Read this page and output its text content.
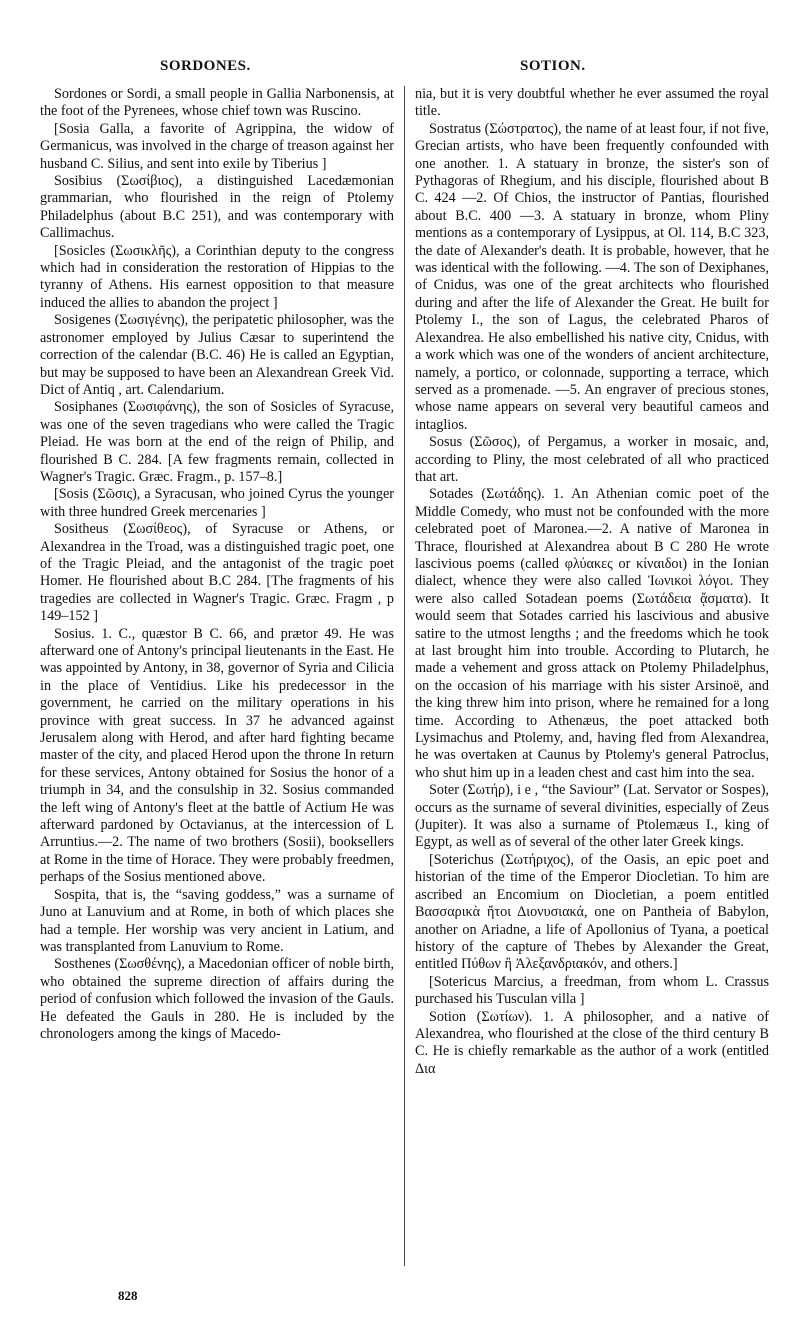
SORDONES.	SOTION.

Sordones or Sordi, a small people in Gallia Narbonensis, at the foot of the Pyrenees, whose chief town was Ruscino.

[Sosia Galla, a favorite of Agrippina, the widow of Germanicus, was involved in the charge of treason against her husband C. Silius, and sent into exile by Tiberius ]

Sosibius (Σωσίβιος), a distinguished Lacedæmonian grammarian, who flourished in the reign of Ptolemy Philadelphus (about B.C 251), and was contemporary with Callimachus.

[Sosicles (Σωσικλῆς), a Corinthian deputy to the congress which had in consideration the restoration of Hippias to the tyranny of Athens. His earnest opposition to that measure induced the allies to abandon the project ]

Sosigenes (Σωσιγένης), the peripatetic philosopher, was the astronomer employed by Julius Cæsar to superintend the correction of the calendar (B.C. 46) He is called an Egyptian, but may be supposed to have been an Alexandrean Greek Vid. Dict of Antiq , art. Calendarium.

Sosiphanes (Σωσιφάνης), the son of Sosicles of Syracuse, was one of the seven tragedians who were called the Tragic Pleiad. He was born at the end of the reign of Philip, and flourished B C. 284. [A few fragments remain, collected in Wagner's Tragic. Græc. Fragm., p. 157–8.]

[Sosis (Σῶσις), a Syracusan, who joined Cyrus the younger with three hundred Greek mercenaries ]

Sositheus (Σωσίθεος), of Syracuse or Athens, or Alexandrea in the Troad, was a distinguished tragic poet, one of the Tragic Pleiad, and the antagonist of the tragic poet Homer. He flourished about B.C 284. [The fragments of his tragedies are collected in Wagner's Tragic. Græc. Fragm , p 149–152 ]

Sosius. 1. C., quæstor B C. 66, and prætor 49. He was afterward one of Antony's principal lieutenants in the East. He was appointed by Antony, in 38, governor of Syria and Cilicia in the place of Ventidius. Like his predecessor in the government, he carried on the military operations in his province with great success. In 37 he advanced against Jerusalem along with Herod, and after hard fighting became master of the city, and placed Herod upon the throne In return for these services, Antony obtained for Sosius the honor of a triumph in 34, and the consulship in 32. Sosius commanded the left wing of Antony's fleet at the battle of Actium He was afterward pardoned by Octavianus, at the intercession of L Arruntius.—2. The name of two brothers (Sosii), booksellers at Rome in the time of Horace. They were probably freedmen, perhaps of the Sosius mentioned above.

Sospita, that is, the “saving goddess,” was a surname of Juno at Lanuvium and at Rome, in both of which places she had a temple. Her worship was very ancient in Latium, and was transplanted from Lanuvium to Rome.

Sosthenes (Σωσθένης), a Macedonian officer of noble birth, who obtained the supreme direction of affairs during the period of confusion which followed the invasion of the Gauls. He defeated the Gauls in 280. He is included by the chronologers among the kings of Macedo-

nia, but it is very doubtful whether he ever assumed the royal title.

Sostratus (Σώστρατος), the name of at least four, if not five, Grecian artists, who have been frequently confounded with one another. 1. A statuary in bronze, the sister's son of Pythagoras of Rhegium, and his disciple, flourished about B C. 424 —2. Of Chios, the instructor of Pantias, flourished about B.C. 400 —3. A statuary in bronze, whom Pliny mentions as a contemporary of Lysippus, at Ol. 114, B.C 323, the date of Alexander's death. It is probable, however, that he was identical with the following. —4. The son of Dexiphanes, of Cnidus, was one of the great architects who flourished during and after the life of Alexander the Great. He built for Ptolemy I., the son of Lagus, the celebrated Pharos of Alexandrea. He also embellished his native city, Cnidus, with a work which was one of the wonders of ancient architecture, namely, a portico, or colonnade, supporting a terrace, which served as a promenade. —5. An engraver of precious stones, whose name appears on several very beautiful cameos and intaglios.

Sosus (Σῶσος), of Pergamus, a worker in mosaic, and, according to Pliny, the most celebrated of all who practiced that art.

Sotades (Σωτάδης). 1. An Athenian comic poet of the Middle Comedy, who must not be confounded with the more celebrated poet of Maronea.—2. A native of Maronea in Thrace, flourished at Alexandrea about B C 280 He wrote lascivious poems (called φλύακες or κίναιδοι) in the Ionian dialect, whence they were also called Ἰωνικοὶ λόγοι. They were also called Sotadean poems (Σωτάδεια ᾄσματα). It would seem that Sotades carried his lascivious and abusive satire to the utmost lengths ; and the freedoms which he took at last brought him into trouble. According to Plutarch, he made a vehement and gross attack on Ptolemy Philadelphus, on the occasion of his marriage with his sister Arsinoë, and the king threw him into prison, where he remained for a long time. According to Athenæus, the poet attacked both Lysimachus and Ptolemy, and, having fled from Alexandrea, he was overtaken at Caunus by Ptolemy's general Patroclus, who shut him up in a leaden chest and cast him into the sea.

Soter (Σωτήρ), i e , “the Saviour” (Lat. Servator or Sospes), occurs as the surname of several divinities, especially of Zeus (Jupiter). It was also a surname of Ptolemæus I., king of Egypt, as well as of several of the other later Greek kings.

[Soterichus (Σωτήριχος), of the Oasis, an epic poet and historian of the time of the Emperor Diocletian. To him are ascribed an Encomium on Diocletian, a poem entitled Βασσαρικὰ ἤτοι Διονυσιακά, one on Pantheia of Babylon, another on Ariadne, a life of Apollonius of Tyana, a poetical history of the capture of Thebes by Alexander the Great, entitled Πύθων ἢ Ἀλεξανδριακόν, and others.]

[Sotericus Marcius, a freedman, from whom L. Crassus purchased his Tusculan villa ]

Sotion (Σωτίων). 1. A philosopher, and a native of Alexandrea, who flourished at the close of the third century B C. He is chiefly remarkable as the author of a work (entitled Δια

828
